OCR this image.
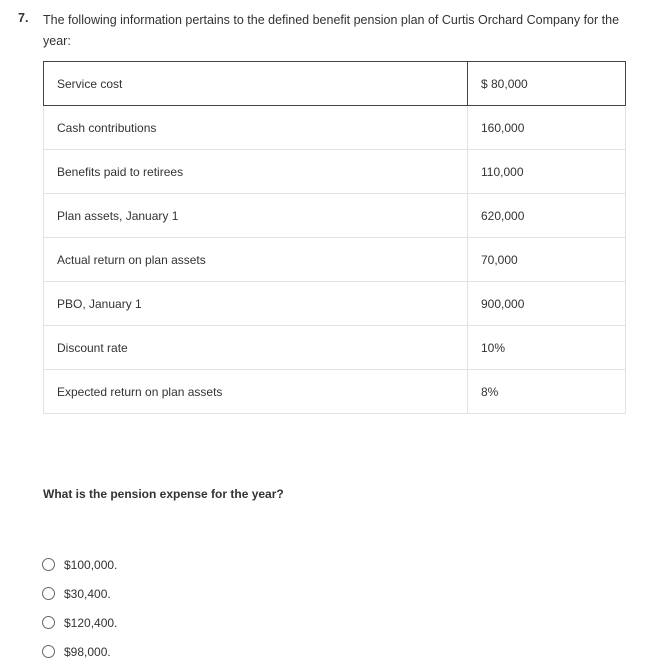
7. The following information pertains to the defined benefit pension plan of Curtis Orchard Company for the year:
Service cost	$ 80,000
Cash contributions	160,000
Benefits paid to retirees	110,000
Plan assets, January 1	620,000
Actual return on plan assets	70,000
PBO, January 1	900,000
Discount rate	10%
Expected return on plan assets	8%
What is the pension expense for the year?
$100,000.
$30,400.
$120,400.
$98,000.
